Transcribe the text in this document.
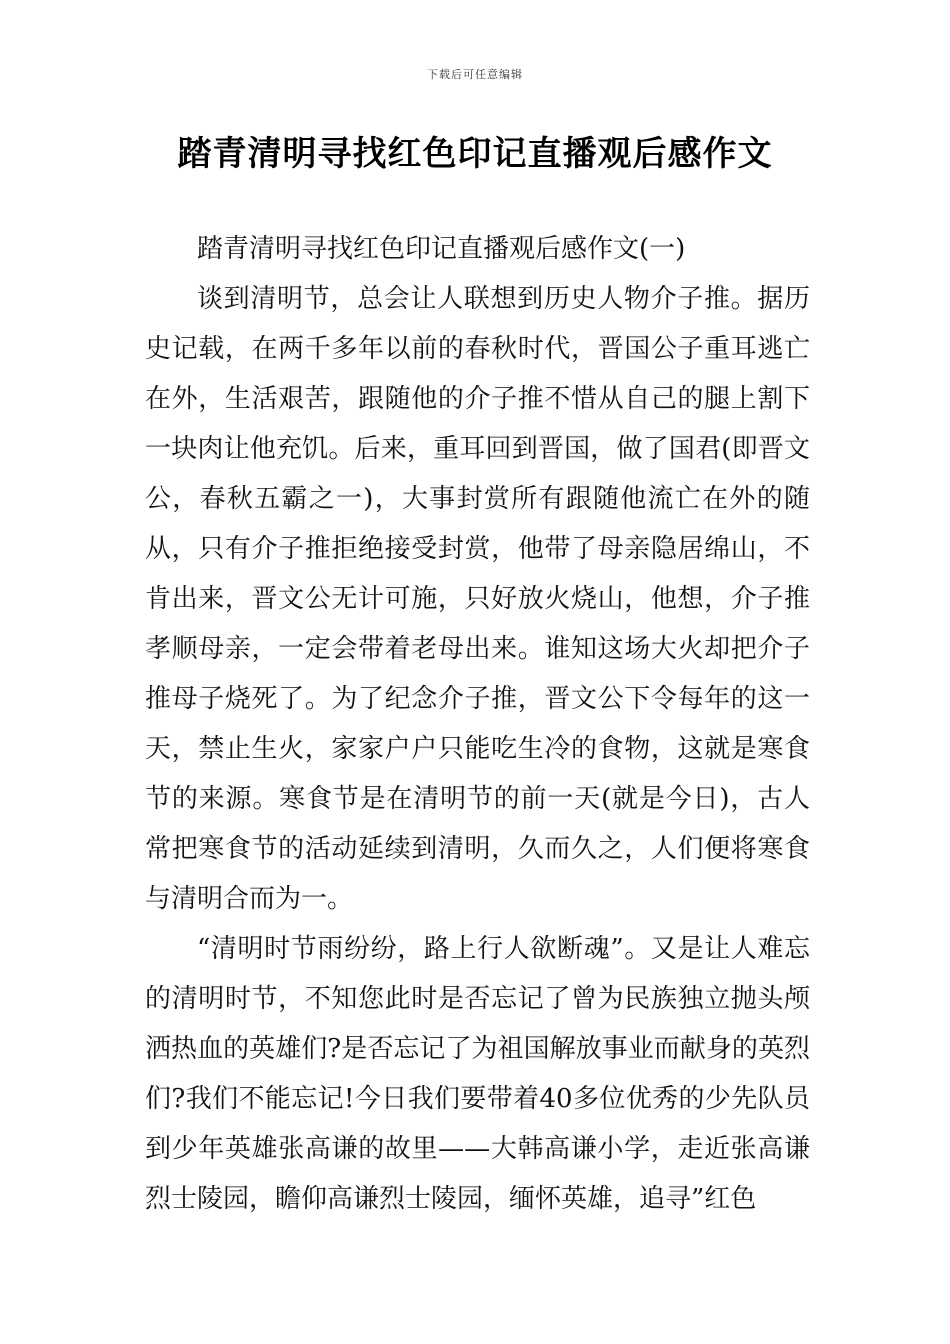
下载后可任意编辑
踏青清明寻找红色印记直播观后感作文

踏青清明寻找红色印记直播观后感作文(一)

谈到清明节，总会让人联想到历史人物介子推。据历史记载，在两千多年以前的春秋时代，晋国公子重耳逃亡在外，生活艰苦，跟随他的介子推不惜从自己的腿上割下一块肉让他充饥。后来，重耳回到晋国，做了国君(即晋文公，春秋五霸之一)，大事封赏所有跟随他流亡在外的随从，只有介子推拒绝接受封赏，他带了母亲隐居绵山，不肯出来，晋文公无计可施，只好放火烧山，他想，介子推孝顺母亲，一定会带着老母出来。谁知这场大火却把介子推母子烧死了。为了纪念介子推，晋文公下令每年的这一天，禁止生火，家家户户只能吃生冷的食物，这就是寒食节的来源。寒食节是在清明节的前一天(就是今日)，古人常把寒食节的活动延续到清明，久而久之，人们便将寒食与清明合而为一。

“清明时节雨纷纷，路上行人欲断魂”。又是让人难忘的清明时节，不知您此时是否忘记了曾为民族独立抛头颅洒热血的英雄们?是否忘记了为祖国解放事业而献身的英烈们?我们不能忘记!今日我们要带着40多位优秀的少先队员到少年英雄张高谦的故里——大韩高谦小学，走近张高谦烈士陵园，瞻仰高谦烈士陵园，缅怀英雄，追寻”红色
